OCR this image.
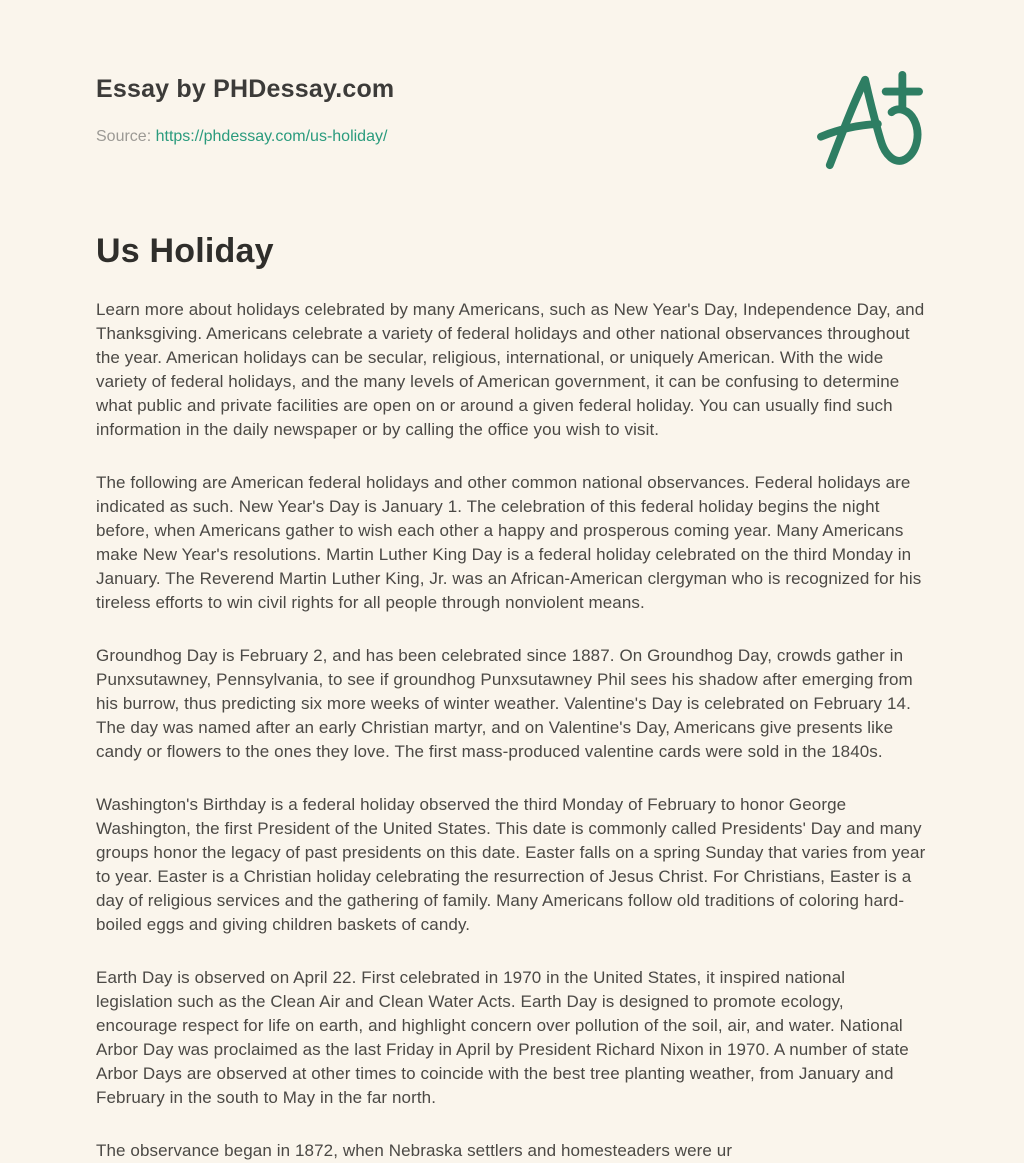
Essay by PHDessay.com
Source: https://phdessay.com/us-holiday/
Us Holiday

Learn more about holidays celebrated by many Americans, such as New Year's Day, Independence Day, and Thanksgiving. Americans celebrate a variety of federal holidays and other national observances throughout the year. American holidays can be secular, religious, international, or uniquely American. With the wide variety of federal holidays, and the many levels of American government, it can be confusing to determine what public and private facilities are open on or around a given federal holiday. You can usually find such information in the daily newspaper or by calling the office you wish to visit.

The following are American federal holidays and other common national observances. Federal holidays are indicated as such. New Year's Day is January 1. The celebration of this federal holiday begins the night before, when Americans gather to wish each other a happy and prosperous coming year. Many Americans make New Year's resolutions. Martin Luther King Day is a federal holiday celebrated on the third Monday in January. The Reverend Martin Luther King, Jr. was an African-American clergyman who is recognized for his tireless efforts to win civil rights for all people through nonviolent means.

Groundhog Day is February 2, and has been celebrated since 1887. On Groundhog Day, crowds gather in Punxsutawney, Pennsylvania, to see if groundhog Punxsutawney Phil sees his shadow after emerging from his burrow, thus predicting six more weeks of winter weather. Valentine's Day is celebrated on February 14. The day was named after an early Christian martyr, and on Valentine's Day, Americans give presents like candy or flowers to the ones they love. The first mass-produced valentine cards were sold in the 1840s.

Washington's Birthday is a federal holiday observed the third Monday of February to honor George Washington, the first President of the United States. This date is commonly called Presidents' Day and many groups honor the legacy of past presidents on this date. Easter falls on a spring Sunday that varies from year to year. Easter is a Christian holiday celebrating the resurrection of Jesus Christ. For Christians, Easter is a day of religious services and the gathering of family. Many Americans follow old traditions of coloring hard-boiled eggs and giving children baskets of candy.

Earth Day is observed on April 22. First celebrated in 1970 in the United States, it inspired national legislation such as the Clean Air and Clean Water Acts. Earth Day is designed to promote ecology, encourage respect for life on earth, and highlight concern over pollution of the soil, air, and water. National Arbor Day was proclaimed as the last Friday in April by President Richard Nixon in 1970. A number of state Arbor Days are observed at other times to coincide with the best tree planting weather, from January and February in the south to May in the far north.

The observance began in 1872, when Nebraska settlers and homesteaders were ur
